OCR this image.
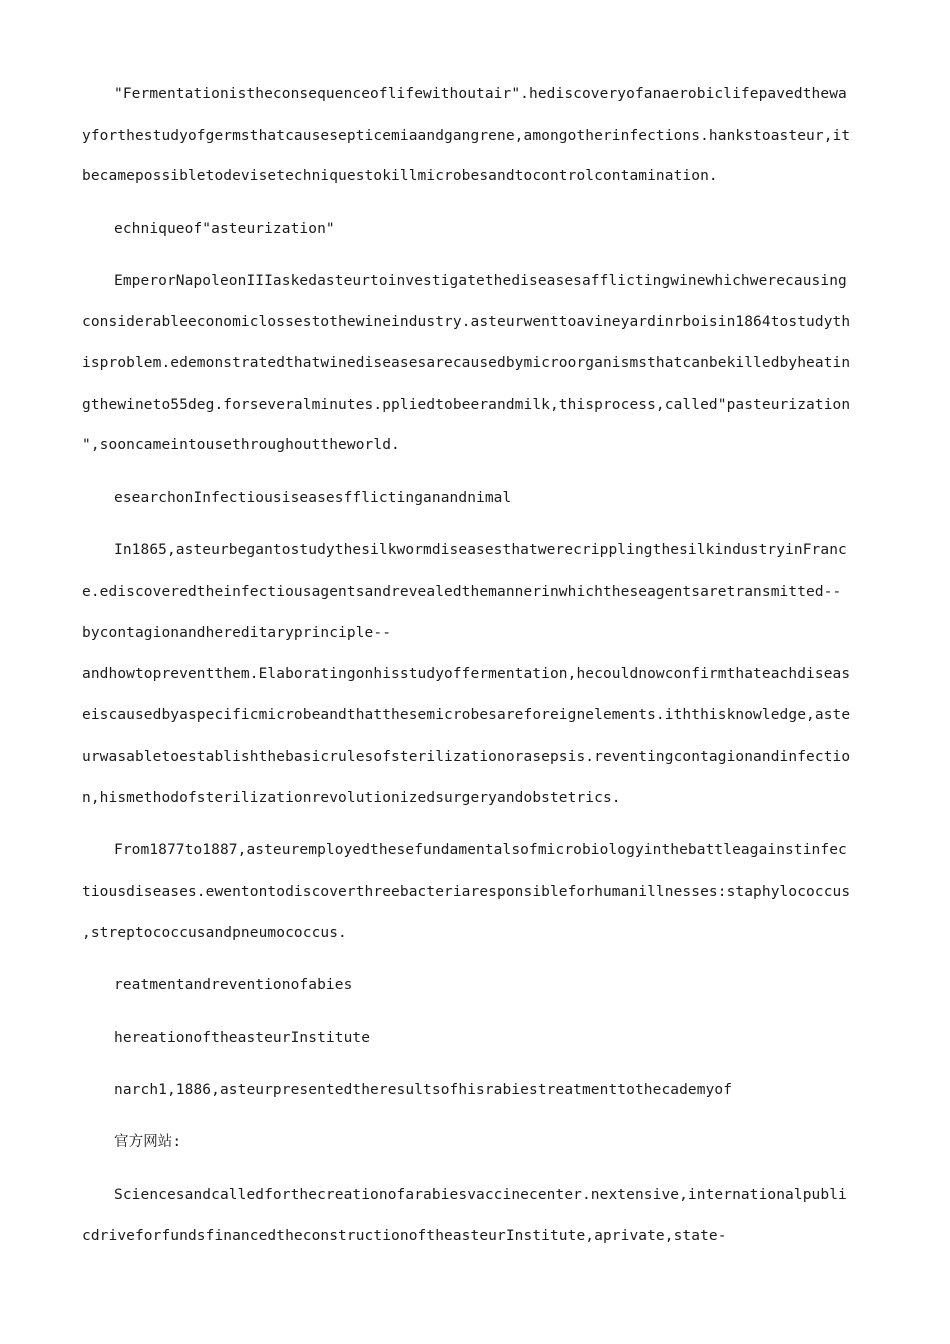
"Fermentationistheconsequenceoflifewithoutair".hediscoveryofanaerobiclifepavedthewa
yforthestudyofgermsthatcausesepticemiaandgangrene,amongotherinfections.hankstoasteur,it
becamepossibletodevisetechniquestokillmicrobesandtocontrolcontamination.
echniqueof"asteurization"
EmperorNapoleonIIIaskedasteurtoinvestigatethediseasesafflictingwinewhichwerecausing
considerableeconomiclossestothewineindustry.asteurwenttoavineyardinrboisin1864tostudyth
isproblem.edemonstratedthatwinediseasesarecausedbymicroorganismsthatcanbekilledbyheatin
gthewineto55deg.forseveralminutes.ppliedtobeerandmilk,thisprocess,called"pasteurization
",sooncameintousethroughouttheworld.
esearchonInfectiousiseasesfflictinganandnimal
In1865,asteurbegantostudythesilkwormdiseasesthatwerecripplingthesilkindustryinFranc
e.ediscoveredtheinfectiousagentsandrevealedthemannerinwhichtheseagentsaretransmitted--
bycontagionandhereditaryprinciple--
andhowtopreventthem.Elaboratingonhisstudyoffermentation,hecouldnowconfirmthateachdiseas
eiscausedbyaspecificmicrobeandthatthesemicrobesareforeignelements.iththisknowledge,aste
urwasabletoestablishthebasicrulesofsterilizationorasepsis.reventingcontagionandinfectio
n,hismethodofsterilizationrevolutionizedsurgeryandobstetrics.
From1877to1887,asteuremployedthesefundamentalsofmicrobiologyinthebattleagainstinfec
tiousdiseases.ewentontodiscoverthreebacteriaresponsibleforhumanillnesses:staphylococcus
,streptococcusandpneumococcus.
reatmentandreventionofabies
hereationoftheasteurInstitute
narch1,1886,asteurpresentedtheresultsofhisrabiestreatmenttothecademyof
官方网站:
Sciencesandcalledforthecreationofarabiesvaccinecenter.nextensive,internationalpubli
cdriveforfundsfinancedtheconstructionoftheasteurInstitute,aprivate,state-
